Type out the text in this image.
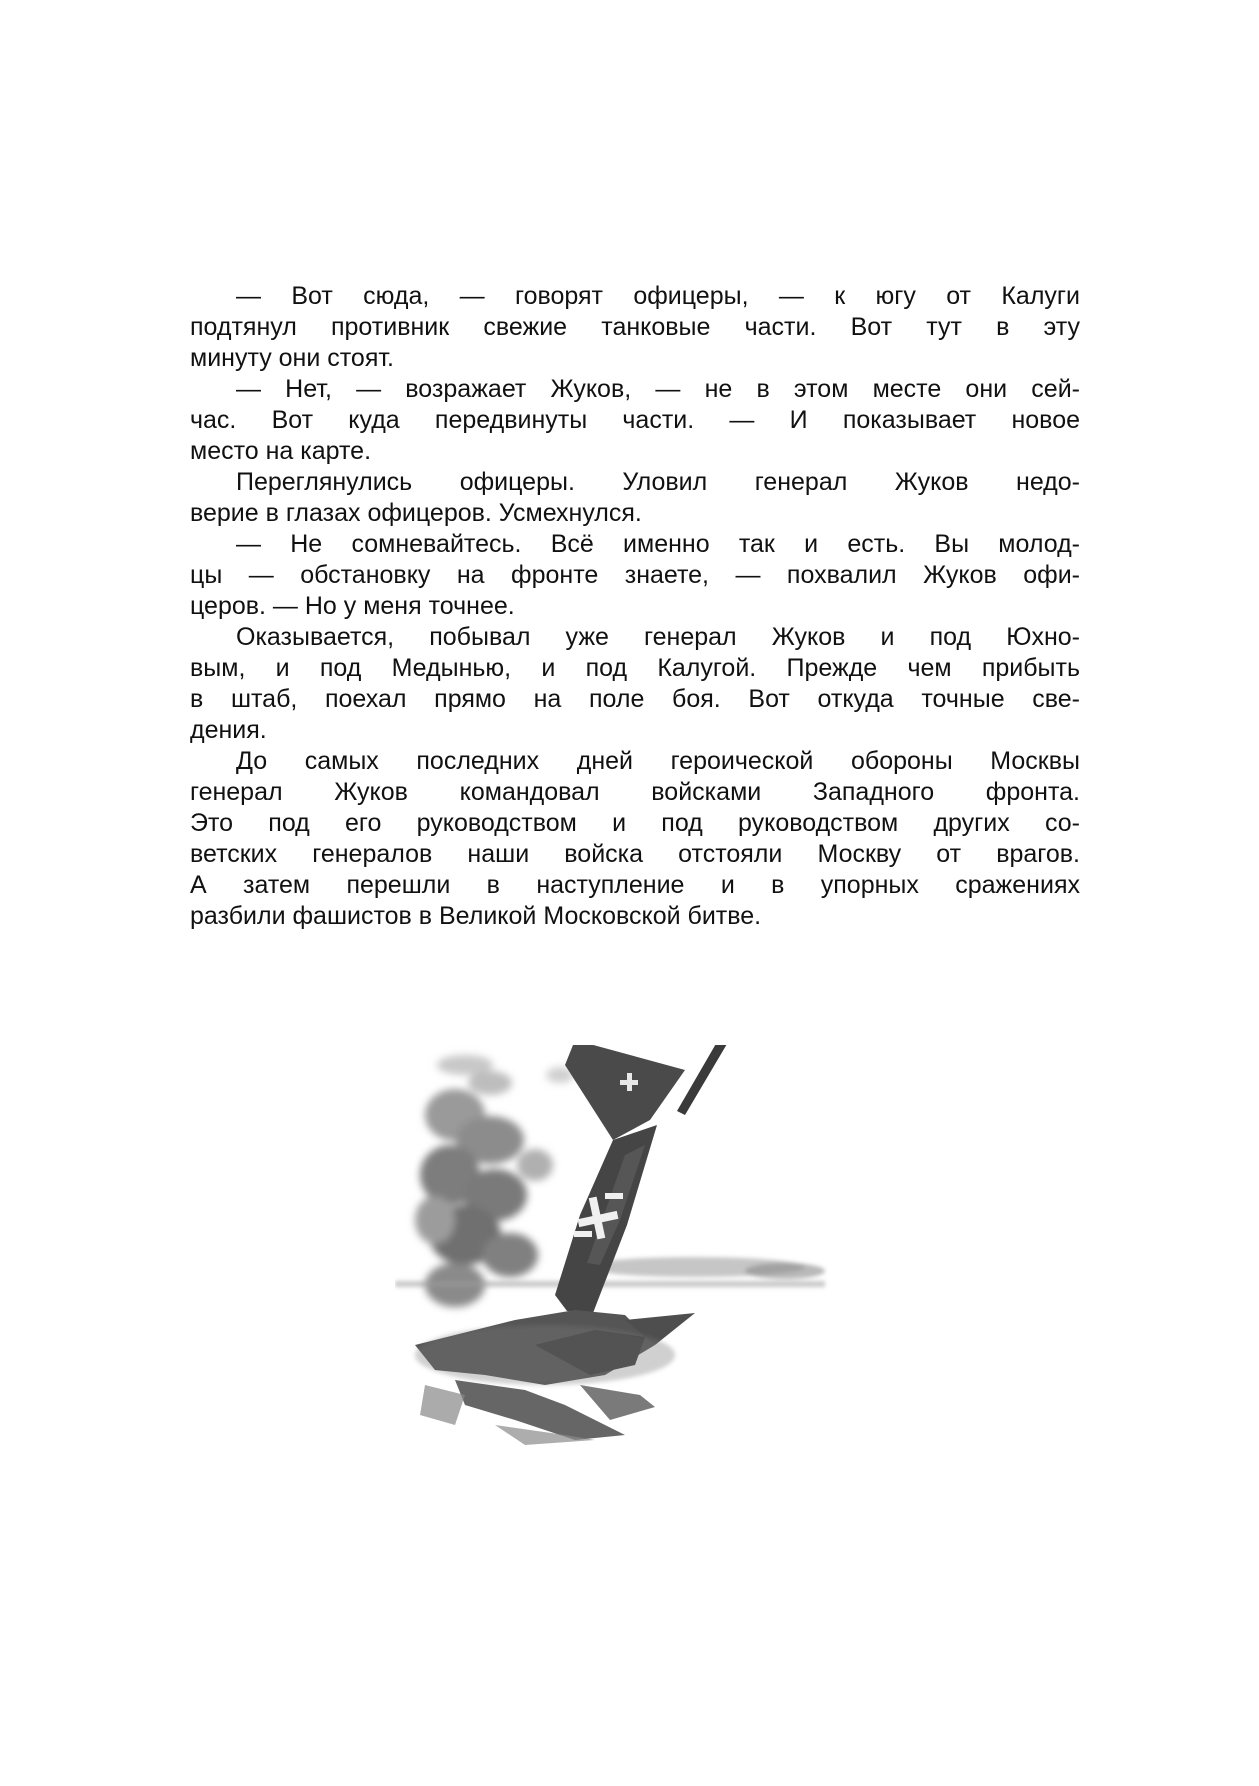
— Вот сюда, — говорят офицеры, — к югу от Калуги
подтянул противник свежие танковые части. Вот тут в эту
минуту они стоят.
— Нет, — возражает Жуков, — не в этом месте они сей-
час. Вот куда передвинуты части. — И показывает новое
место на карте.
Переглянулись офицеры. Уловил генерал Жуков недо-
верие в глазах офицеров. Усмехнулся.
— Не сомневайтесь. Всё именно так и есть. Вы молод-
цы — обстановку на фронте знаете, — похвалил Жуков офи-
церов. — Но у меня точнее.
Оказывается, побывал уже генерал Жуков и под Юхно-
вым, и под Медынью, и под Калугой. Прежде чем прибыть
в штаб, поехал прямо на поле боя. Вот откуда точные све-
дения.
До самых последних дней героической обороны Москвы
генерал Жуков командовал войсками Западного фронта.
Это под его руководством и под руководством других со-
ветских генералов наши войска отстояли Москву от врагов.
А затем перешли в наступление и в упорных сражениях
разбили фашистов в Великой Московской битве.
